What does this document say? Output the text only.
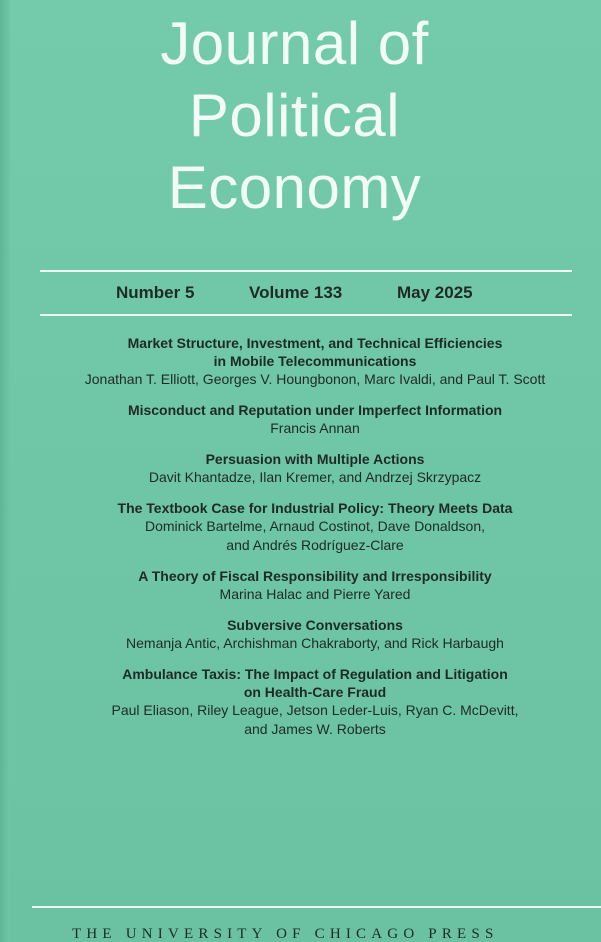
Journal of
Political
Economy
Number 5	Volume 133	May 2025
Market Structure, Investment, and Technical Efficiencies
in Mobile Telecommunications
Jonathan T. Elliott, Georges V. Houngbonon, Marc Ivaldi, and Paul T. Scott
Misconduct and Reputation under Imperfect Information
Francis Annan
Persuasion with Multiple Actions
Davit Khantadze, Ilan Kremer, and Andrzej Skrzypacz
The Textbook Case for Industrial Policy: Theory Meets Data
Dominick Bartelme, Arnaud Costinot, Dave Donaldson,
and Andrés Rodríguez-Clare
A Theory of Fiscal Responsibility and Irresponsibility
Marina Halac and Pierre Yared
Subversive Conversations
Nemanja Antic, Archishman Chakraborty, and Rick Harbaugh
Ambulance Taxis: The Impact of Regulation and Litigation
on Health-Care Fraud
Paul Eliason, Riley League, Jetson Leder-Luis, Ryan C. McDevitt,
and James W. Roberts
THE UNIVERSITY OF CHICAGO PRESS
